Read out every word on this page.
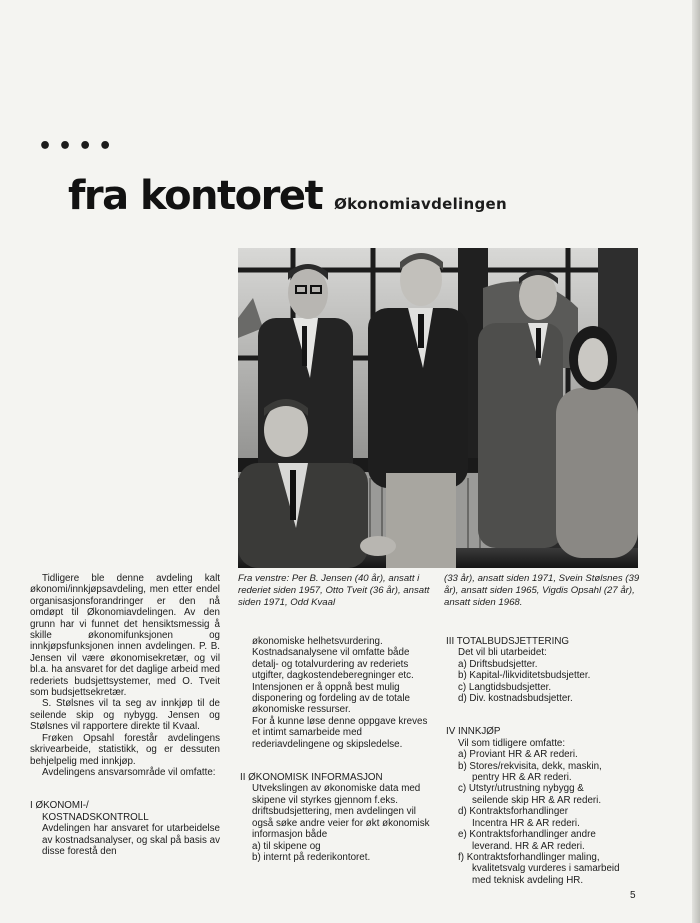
••••
fra kontoret Økonomiavdelingen
Fra venstre: Per B. Jensen (40 år), ansatt i rederiet siden 1957, Otto Tveit (36 år), ansatt siden 1971, Odd Kvaal
(33 år), ansatt siden 1971, Svein Stølsnes (39 år), ansatt siden 1965, Vigdis Opsahl (27 år), ansatt siden 1968.

Tidligere ble denne avdeling kalt økonomi/innkjøpsavdeling, men etter endel organisasjonsforandringer er den nå omdøpt til Økonomiavdelingen. Av den grunn har vi funnet det hensiktsmessig å skille økonomifunksjonen og innkjøpsfunksjonen innen avdelingen. P. B. Jensen vil være økonomisekretær, og vil bl.a. ha ansvaret for det daglige arbeid med rederiets budsjettsystemer, med O. Tveit som budsjettsekretær.

S. Stølsnes vil ta seg av innkjøp til de seilende skip og nybygg. Jensen og Stølsnes vil rapportere direkte til Kvaal.

Frøken Opsahl forestår avdelingens skrivearbeide, statistikk, og er dessuten behjelpelig med innkjøp.

Avdelingens ansvarsområde vil omfatte:

I ØKONOMI-/

KOSTNADSKONTROLL

Avdelingen har ansvaret for utarbeidelse av kostnadsanalyser, og skal på basis av disse forestå den

økonomiske helhetsvurdering.

Kostnadsanalysene vil omfatte både detalj- og totalvurdering av rederiets utgifter, dagkostendeberegninger etc. Intensjonen er å oppnå best mulig disponering og fordeling av de totale økonomiske ressurser.

For å kunne løse denne oppgave kreves et intimt samarbeide med rederiavdelingene og skipsledelse.

II ØKONOMISK INFORMASJON

Utvekslingen av økonomiske data med skipene vil styrkes gjennom f.eks. driftsbudsjettering, men avdelingen vil også søke andre veier for økt økonomisk informasjon både

a) til skipene og

b) internt på rederikontoret.

III TOTALBUDSJETTERING

Det vil bli utarbeidet:

a) Driftsbudsjetter.

b) Kapital-/likviditetsbudsjetter.

c) Langtidsbudsjetter.

d) Div. kostnadsbudsjetter.

IV INNKJØP

Vil som tidligere omfatte:

a) Proviant HR & AR rederi.

b) Stores/rekvisita, dekk, maskin,

pentry HR & AR rederi.

c) Utstyr/utrustning nybygg &

seilende skip HR & AR rederi.

d) Kontraktsforhandlinger

Incentra HR & AR rederi.

e) Kontraktsforhandlinger andre

leverand. HR & AR rederi.

f) Kontraktsforhandlinger maling,

kvalitetsvalg vurderes i samarbeid med teknisk avdeling HR.

5
